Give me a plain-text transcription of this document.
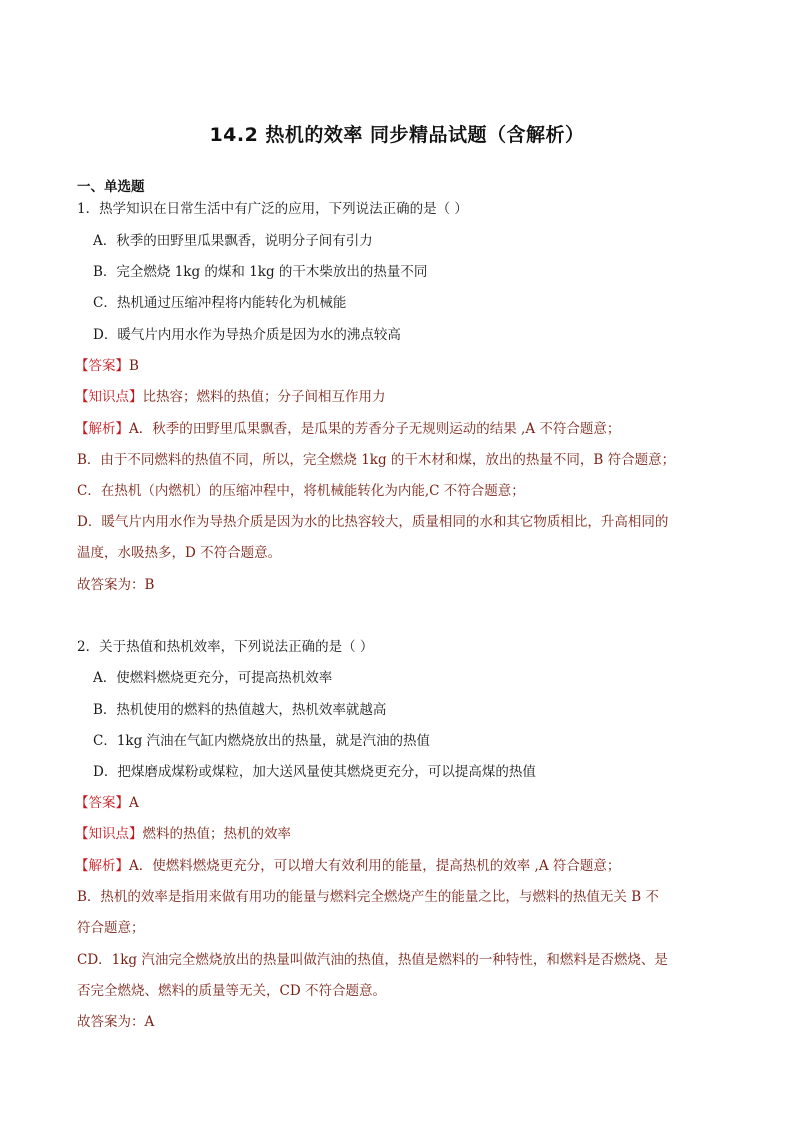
14.2 热机的效率 同步精品试题（含解析）
一、单选题
1．热学知识在日常生活中有广泛的应用，下列说法正确的是（ ）
A．秋季的田野里瓜果飘香，说明分子间有引力
B．完全燃烧 1kg 的煤和 1kg 的干木柴放出的热量不同
C．热机通过压缩冲程将内能转化为机械能
D．暖气片内用水作为导热介质是因为水的沸点较高
【答案】B
【知识点】比热容；燃料的热值；分子间相互作用力
【解析】A．秋季的田野里瓜果飘香，是瓜果的芳香分子无规则运动的结果 ,A 不符合题意；
B．由于不同燃料的热值不同，所以，完全燃烧 1kg 的干木材和煤，放出的热量不同，B 符合题意；
C．在热机（内燃机）的压缩冲程中，将机械能转化为内能,C 不符合题意；
D．暖气片内用水作为导热介质是因为水的比热容较大，质量相同的水和其它物质相比，升高相同的
温度，水吸热多，D 不符合题意。
故答案为：B
2．关于热值和热机效率，下列说法正确的是（ ）
A．使燃料燃烧更充分，可提高热机效率
B．热机使用的燃料的热值越大，热机效率就越高
C．1kg 汽油在气缸内燃烧放出的热量，就是汽油的热值
D．把煤磨成煤粉或煤粒，加大送风量使其燃烧更充分，可以提高煤的热值
【答案】A
【知识点】燃料的热值；热机的效率
【解析】A．使燃料燃烧更充分，可以增大有效利用的能量，提高热机的效率 ,A 符合题意；
B．热机的效率是指用来做有用功的能量与燃料完全燃烧产生的能量之比，与燃料的热值无关 B 不
符合题意；
CD．1kg 汽油完全燃烧放出的热量叫做汽油的热值，热值是燃料的一种特性，和燃料是否燃烧、是
否完全燃烧、燃料的质量等无关，CD 不符合题意。
故答案为：A
